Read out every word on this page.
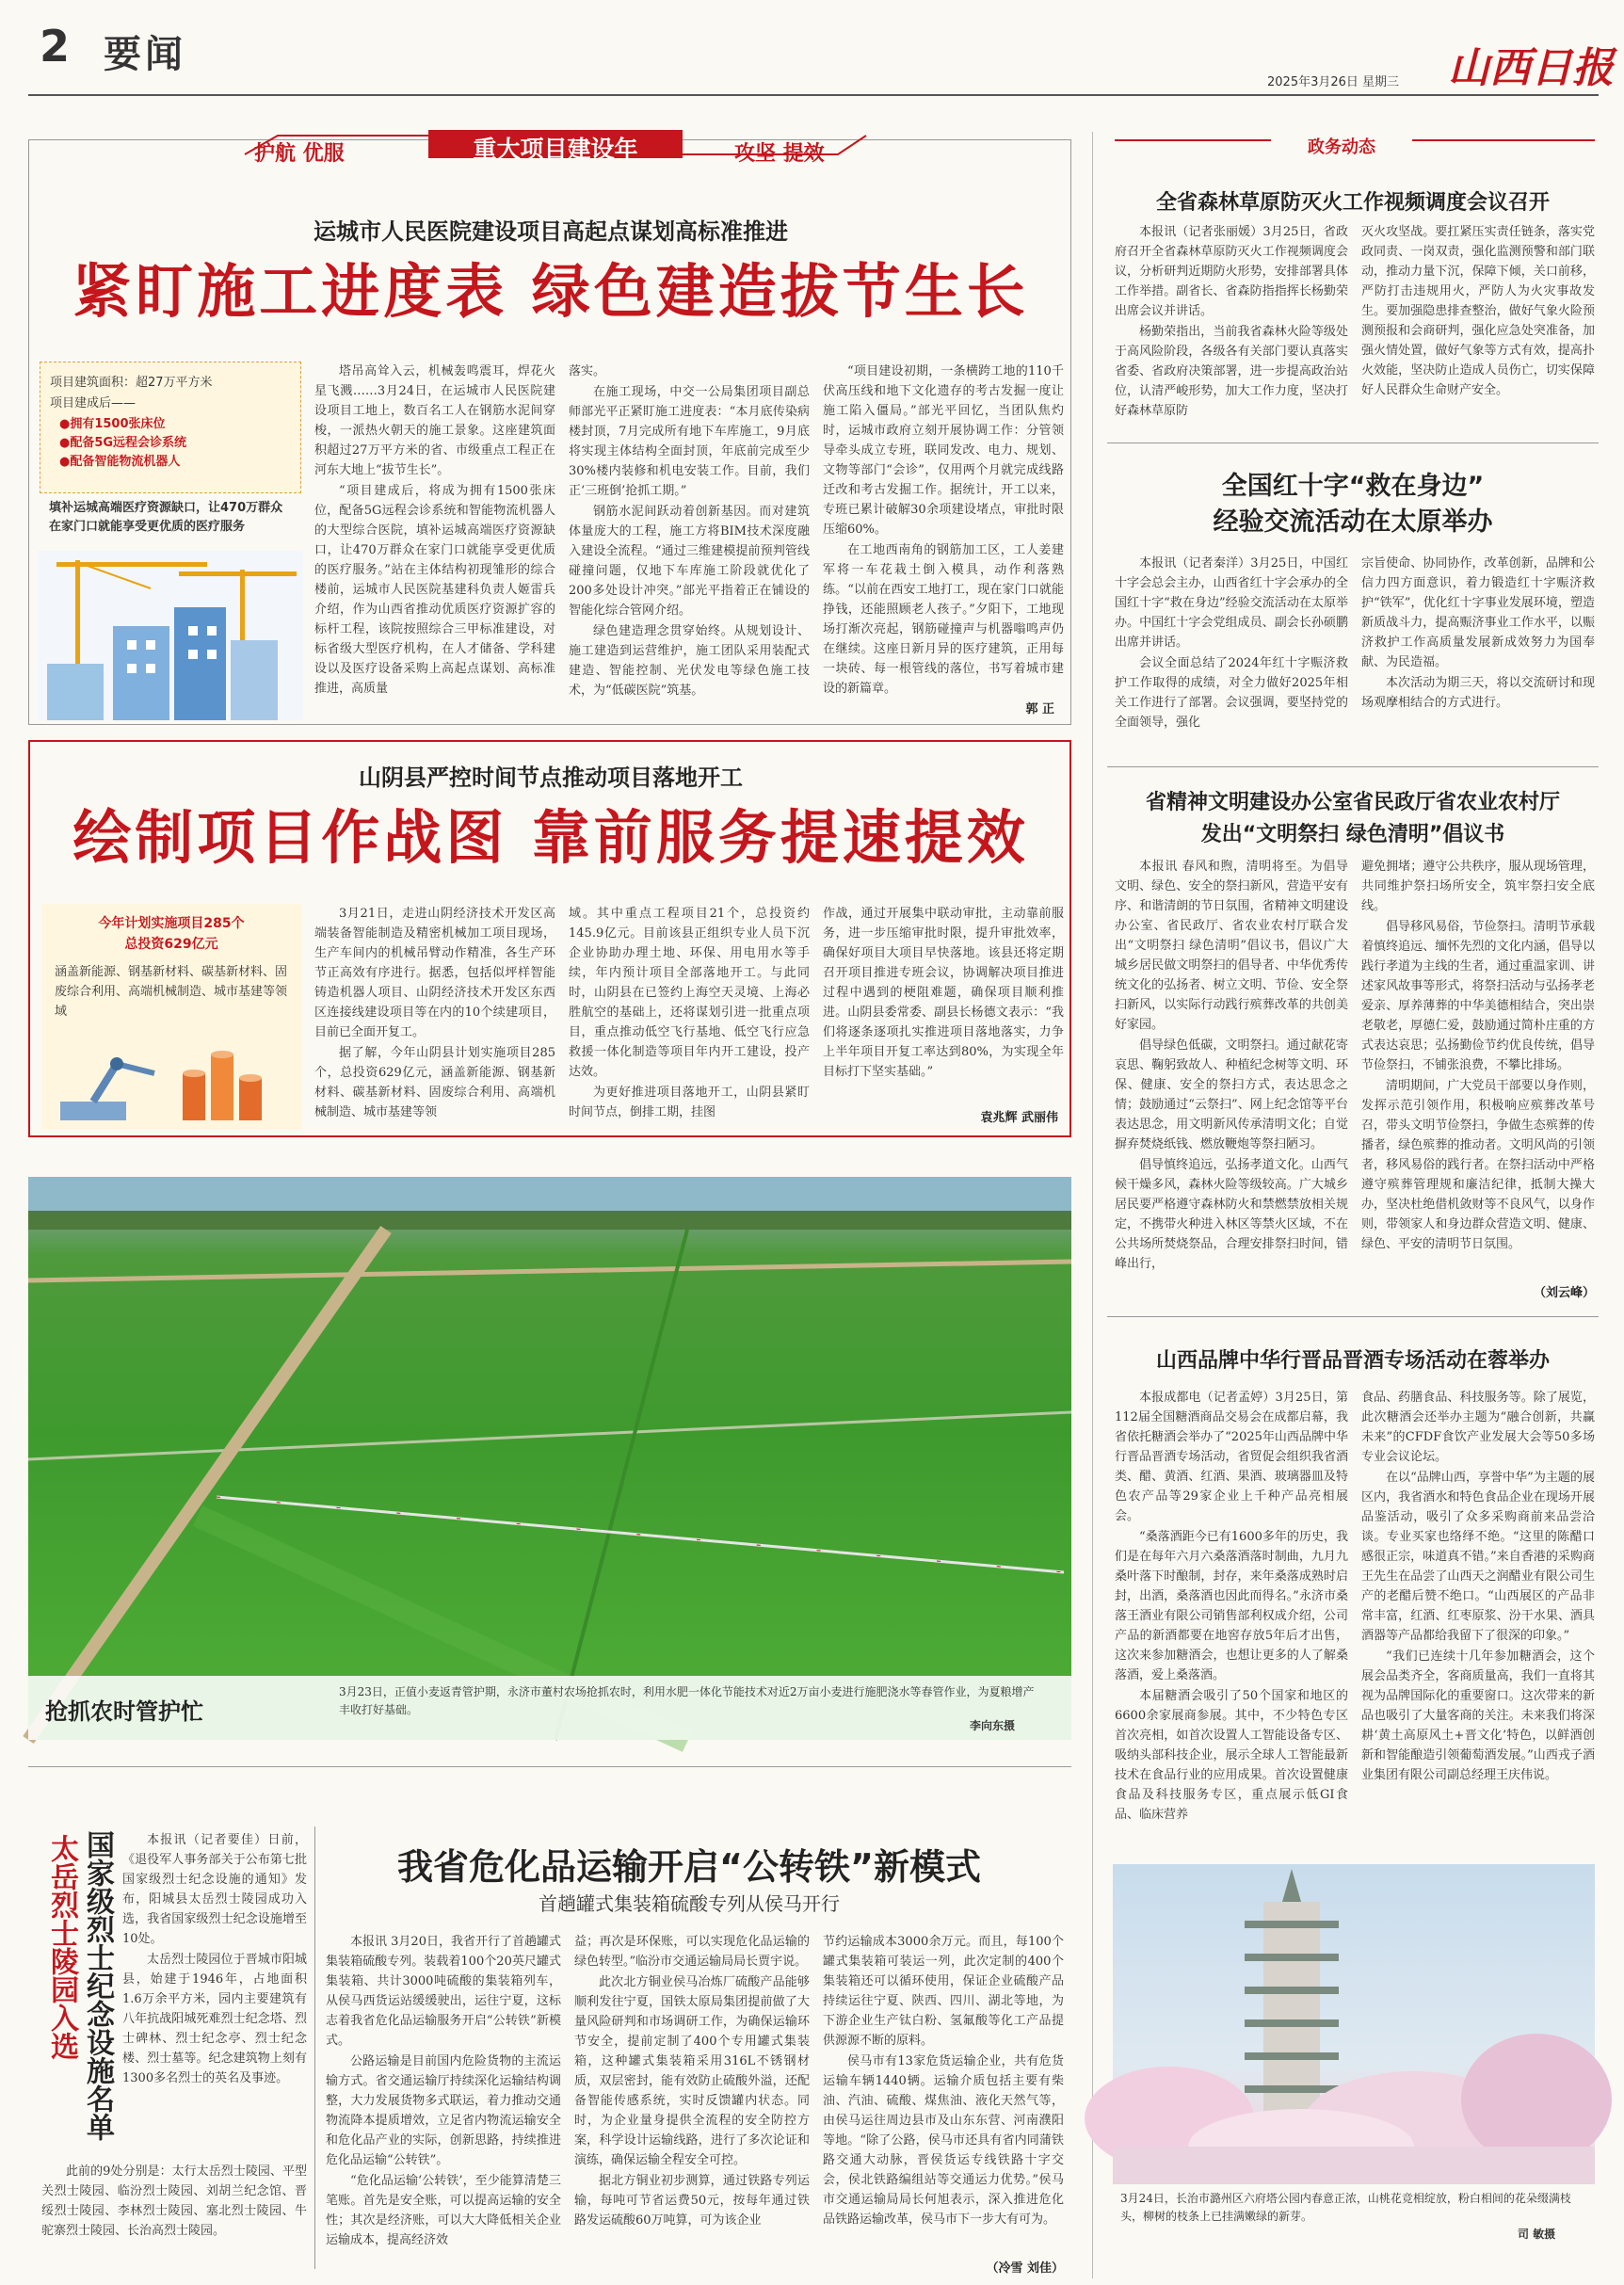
2 要闻
2025年3月26日 星期三 山西日报
护航 优服	重大项目建设年	攻坚 提效
运城市人民医院建设项目高起点谋划高标准推进
紧盯施工进度表 绿色建造拔节生长
项目建筑面积：超27万平方米
项目建成后——
●拥有1500张床位
●配备5G远程会诊系统
●配备智能物流机器人
填补运城高端医疗资源缺口，让470万群众在家门口就能享受更优质的医疗服务

塔吊高耸入云，机械轰鸣震耳，焊花火星飞溅……3月24日，在运城市人民医院建设项目工地上，数百名工人在钢筋水泥间穿梭，一派热火朝天的施工景象。这座建筑面积超过27万平方米的省、市级重点工程正在河东大地上“拔节生长”。

“项目建成后，将成为拥有1500张床位，配备5G远程会诊系统和智能物流机器人的大型综合医院，填补运城高端医疗资源缺口，让470万群众在家门口就能享受更优质的医疗服务。”站在主体结构初现雏形的综合楼前，运城市人民医院基建科负责人姬雷兵介绍，作为山西省推动优质医疗资源扩容的标杆工程，该院按照综合三甲标准建设，对标省级大型医疗机构，在人才储备、学科建设以及医疗设备采购上高起点谋划、高标准推进，高质量

落实。

在施工现场，中交一公局集团项目副总师部光平正紧盯施工进度表：“本月底传染病楼封顶，7月完成所有地下车库施工，9月底将实现主体结构全面封顶，年底前完成至少30%楼内装修和机电安装工作。目前，我们正‘三班倒’抢抓工期。”

钢筋水泥间跃动着创新基因。而对建筑体量庞大的工程，施工方将BIM技术深度融入建设全流程。“通过三维建模提前预判管线碰撞问题，仅地下车库施工阶段就优化了200多处设计冲突。”部光平指着正在铺设的智能化综合管网介绍。

绿色建造理念贯穿始终。从规划设计、施工建造到运营维护，施工团队采用装配式建造、智能控制、光伏发电等绿色施工技术，为“低碳医院”筑基。

“项目建设初期，一条横跨工地的110千伏高压线和地下文化遗存的考古发掘一度让施工陷入僵局。”部光平回忆，当团队焦灼时，运城市政府立刻开展协调工作：分管领导牵头成立专班，联同发改、电力、规划、文物等部门“会诊”，仅用两个月就完成线路迁改和考古发掘工作。据统计，开工以来，专班已累计破解30余项建设堵点，审批时限压缩60%。

在工地西南角的钢筋加工区，工人姜建军将一车花栽土倒入模具，动作利落熟练。“以前在西安工地打工，现在家门口就能挣钱，还能照顾老人孩子。”夕阳下，工地现场打渐次亮起，钢筋碰撞声与机器嗡鸣声仍在继续。这座日新月异的医疗建筑，正用每一块砖、每一根管线的落位，书写着城市建设的新篇章。

郭 正
山阴县严控时间节点推动项目落地开工
绘制项目作战图 靠前服务提速提效
今年计划实施项目285个
总投资629亿元
涵盖新能源、钢基新材料、碳基新材料、固废综合利用、高端机械制造、城市基建等领域

3月21日，走进山阴经济技术开发区高端装备智能制造及精密机械加工项目现场，生产车间内的机械吊臂动作精准，各生产环节正高效有序进行。据悉，包括似坪样智能铸造机器人项目、山阴经济技术开发区东西区连接线建设项目等在内的10个续建项目，目前已全面开复工。

据了解，今年山阴县计划实施项目285个，总投资629亿元，涵盖新能源、钢基新材料、碳基新材料、固废综合利用、高端机械制造、城市基建等领

域。其中重点工程项目21个，总投资约145.9亿元。目前该县正组织专业人员下沉企业协助办理土地、环保、用电用水等手续，年内预计项目全部落地开工。与此同时，山阴县在已签约上海空天灵境、上海必胜航空的基础上，还将谋划引进一批重点项目，重点推动低空飞行基地、低空飞行应急救援一体化制造等项目年内开工建设，投产达效。

为更好推进项目落地开工，山阴县紧盯时间节点，倒排工期，挂图

作战，通过开展集中联动审批，主动靠前服务，进一步压缩审批时限，提升审批效率，确保好项目大项目早快落地。该县还将定期召开项目推进专班会议，协调解决项目推进过程中遇到的梗阻难题，确保项目顺利推进。山阴县委常委、副县长杨德文表示：“我们将逐条逐项扎实推进项目落地落实，力争上半年项目开复工率达到80%，为实现全年目标打下坚实基础。”

袁兆辉 武丽伟
抢抓农时管护忙
3月23日，正值小麦返青管护期，永济市董村农场抢抓农时，利用水肥一体化节能技术对近2万亩小麦进行施肥浇水等春管作业，为夏粮增产丰收打好基础。
李向东摄
我省危化品运输开启“公转铁”新模式
首趟罐式集装箱硫酸专列从侯马开行

本报讯 3月20日，我省开行了首趟罐式集装箱硫酸专列。装载着100个20英尺罐式集装箱、共计3000吨硫酸的集装箱列车，从侯马西货运站缓缓驶出，运往宁夏，这标志着我省危化品运输服务开启“公转铁”新模式。

公路运输是目前国内危险货物的主流运输方式。省交通运输厅持续深化运输结构调整，大力发展货物多式联运，着力推动交通物流降本提质增效，立足省内物流运输安全和危化品产业的实际，创新思路，持续推进危化品运输“公转铁”。

“危化品运输‘公转铁’，至少能算清楚三笔账。首先是安全账，可以提高运输的安全性；其次是经济账，可以大大降低相关企业运输成本，提高经济效

益；再次是环保账，可以实现危化品运输的绿色转型。”临汾市交通运输局局长贾宇说。

此次北方铜业侯马冶炼厂硫酸产品能够顺利发往宁夏，国铁太原局集团提前做了大量风险研判和市场调研工作，为确保运输环节安全，提前定制了400个专用罐式集装箱，这种罐式集装箱采用316L不锈钢材质，双层密封，能有效防止硫酸外溢，还配备智能传感系统，实时反馈罐内状态。同时，为企业量身提供全流程的安全防控方案，科学设计运输线路，进行了多次论证和演练，确保运输全程安全可控。

据北方铜业初步测算，通过铁路专列运输，每吨可节省运费50元，按每年通过铁路发运硫酸60万吨算，可为该企业

节约运输成本3000余万元。而且，每100个罐式集装箱可装运一列，此次定制的400个集装箱还可以循环使用，保证企业硫酸产品持续运往宁夏、陕西、四川、湖北等地，为下游企业生产钛白粉、氢氟酸等化工产品提供源源不断的原料。

侯马市有13家危货运输企业，共有危货运输车辆1440辆。运输介质包括主要有柴油、汽油、硫酸、煤焦油、液化天然气等，由侯马运往周边县市及山东东营、河南濮阳等地。“除了公路，侯马市还具有省内同蒲铁路交通大动脉，晋侯货运专线铁路十字交会，侯北铁路编组站等交通运力优势。”侯马市交通运输局局长何旭表示，深入推进危化品铁路运输改革，侯马市下一步大有可为。

（冷雪 刘佳）
国家级烈士纪念设施名单
太岳烈士陵园入选	本报讯（记者要佳）日前，《退役军人事务部关于公布第七批国家级烈士纪念设施的通知》发布，阳城县太岳烈士陵园成功入选，我省国家级烈士纪念设施增至10处。

太岳烈士陵园位于晋城市阳城县，始建于1946年，占地面积1.6万余平方米，园内主要建筑有八年抗战阳城死难烈士纪念塔、烈士碑林、烈士纪念亭、烈士纪念楼、烈士墓等。纪念建筑物上刻有1300多名烈士的英名及事迹。

此前的9处分别是：太行太岳烈士陵园、平型关烈士陵园、临汾烈士陵园、刘胡兰纪念馆、晋绥烈士陵园、李林烈士陵园、塞北烈士陵园、牛驼寨烈士陵园、长治高烈士陵园。

政务动态
全省森林草原防灭火工作视频调度会议召开

本报讯（记者张丽媛）3月25日，省政府召开全省森林草原防灭火工作视频调度会议，分析研判近期防火形势，安排部署具体工作举措。副省长、省森防指指挥长杨勤荣出席会议并讲话。

杨勤荣指出，当前我省森林火险等级处于高风险阶段，各级各有关部门要认真落实省委、省政府决策部署，进一步提高政治站位，认清严峻形势，加大工作力度，坚决打好森林草原防

灭火攻坚战。要扛紧压实责任链条，落实党政同责、一岗双责，强化监测预警和部门联动，推动力量下沉，保障下倾，关口前移，严防打击违规用火，严防人为火灾事故发生。要加强隐患排查整治，做好气象火险预测预报和会商研判，强化应急处突准备，加强火情处置，做好气象等方式有效，提高扑火效能，坚决防止造成人员伤亡，切实保障好人民群众生命财产安全。

全国红十字“救在身边”
经验交流活动在太原举办

本报讯（记者秦洋）3月25日，中国红十字会总会主办，山西省红十字会承办的全国红十字“救在身边”经验交流活动在太原举办。中国红十字会党组成员、副会长孙硕鹏出席并讲话。

会议全面总结了2024年红十字赈济救护工作取得的成绩，对全力做好2025年相关工作进行了部署。会议强调，要坚持党的全面领导，强化

宗旨使命、协同协作，改革创新，品牌和公信力四方面意识，着力锻造红十字赈济救护“铁军”，优化红十字事业发展环境，塑造新质战斗力，提高赈济事业工作水平，以赈济救护工作高质量发展新成效努力为国奉献、为民造福。

本次活动为期三天，将以交流研讨和现场观摩相结合的方式进行。

省精神文明建设办公室省民政厅省农业农村厅
发出“文明祭扫 绿色清明”倡议书

本报讯 春风和煦，清明将至。为倡导文明、绿色、安全的祭扫新风，营造平安有序、和谐清朗的节日氛围，省精神文明建设办公室、省民政厅、省农业农村厅联合发出“文明祭扫 绿色清明”倡议书，倡议广大城乡居民做文明祭扫的倡导者、中华优秀传统文化的弘扬者、树立文明、节俭、安全祭扫新风，以实际行动践行殡葬改革的共创美好家园。

倡导绿色低碳，文明祭扫。通过献花寄哀思、鞠躬致故人、种植纪念树等文明、环保、健康、安全的祭扫方式，表达思念之情；鼓励通过“云祭扫”、网上纪念馆等平台表达思念，用文明新风传承清明文化；自觉摒弃焚烧纸钱、燃放鞭炮等祭扫陋习。

倡导慎终追远，弘扬孝道文化。山西气候干燥多风，森林火险等级较高。广大城乡居民要严格遵守森林防火和禁燃禁放相关规定，不携带火种进入林区等禁火区域，不在公共场所焚烧祭品，合理安排祭扫时间，错峰出行，

避免拥堵；遵守公共秩序，服从现场管理，共同维护祭扫场所安全，筑牢祭扫安全底线。

倡导移风易俗，节俭祭扫。清明节承载着慎终追远、缅怀先烈的文化内涵，倡导以践行孝道为主线的生者，通过重温家训、讲述家风故事等形式，将祭扫活动与弘扬孝老爱亲、厚养薄葬的中华美德相结合，突出崇老敬老，厚德仁爱，鼓励通过简朴庄重的方式表达哀思；弘扬勤俭节约优良传统，倡导节俭祭扫，不铺张浪费，不攀比排场。

清明期间，广大党员干部要以身作则，发挥示范引领作用，积极响应殡葬改革号召，带头文明节俭祭扫，争做生态殡葬的传播者，绿色殡葬的推动者。文明风尚的引领者，移风易俗的践行者。在祭扫活动中严格遵守殡葬管理规和廉洁纪律，抵制大操大办，坚决杜绝借机敛财等不良风气，以身作则，带领家人和身边群众营造文明、健康、绿色、平安的清明节日氛围。

（刘云峰）
山西品牌中华行晋品晋酒专场活动在蓉举办

本报成都电（记者孟婷）3月25日，第112届全国糖酒商品交易会在成都启幕，我省依托糖酒会举办了“2025年山西品牌中华行晋品晋酒专场活动，省贸促会组织我省酒类、醋、黄酒、红酒、果酒、玻璃器皿及特色农产品等29家企业上千种产品亮相展会。

“桑落酒距今已有1600多年的历史，我们是在每年六月六桑落酒落时制曲，九月九桑叶落下时酿制，封存，来年桑落成熟时启封，出酒，桑落酒也因此而得名。”永济市桑落王酒业有限公司销售部利权成介绍，公司产品的新酒都要在地窖存放5年后才出售，这次来参加糖酒会，也想让更多的人了解桑落酒，爱上桑落酒。

本届糖酒会吸引了50个国家和地区的6600余家展商参展。其中，不少特色专区首次亮相，如首次设置人工智能设备专区、吸纳头部科技企业，展示全球人工智能最新技术在食品行业的应用成果。首次设置健康食品及科技服务专区，重点展示低GI食品、临床营养

食品、药膳食品、科技服务等。除了展览，此次糖酒会还举办主题为“融合创新，共赢未来”的CFDF食饮产业发展大会等50多场专业会议论坛。

在以“品牌山西，享誉中华”为主题的展区内，我省酒水和特色食品企业在现场开展品鉴活动，吸引了众多采购商前来品尝洽谈。专业买家也络绎不绝。“这里的陈醋口感很正宗，味道真不错。”来自香港的采购商王先生在品尝了山西天之润醋业有限公司生产的老醋后赞不绝口。“山西展区的产品非常丰富，红酒、红枣原浆、汾干水果、酒具酒器等产品都给我留下了很深的印象。”

“我们已连续十几年参加糖酒会，这个展会品类齐全，客商质量高，我们一直将其视为品牌国际化的重要窗口。这次带来的新品也吸引了大量客商的关注。未来我们将深耕‘黄土高原风土+晋文化’特色，以鲜酒创新和智能酿造引领葡萄酒发展。”山西戎子酒业集团有限公司副总经理王庆伟说。

3月24日，长治市潞州区六府塔公园内春意正浓，山桃花竞相绽放，粉白相间的花朵缀满枝头，柳树的枝条上已挂满嫩绿的新芽。
司 敏摄
